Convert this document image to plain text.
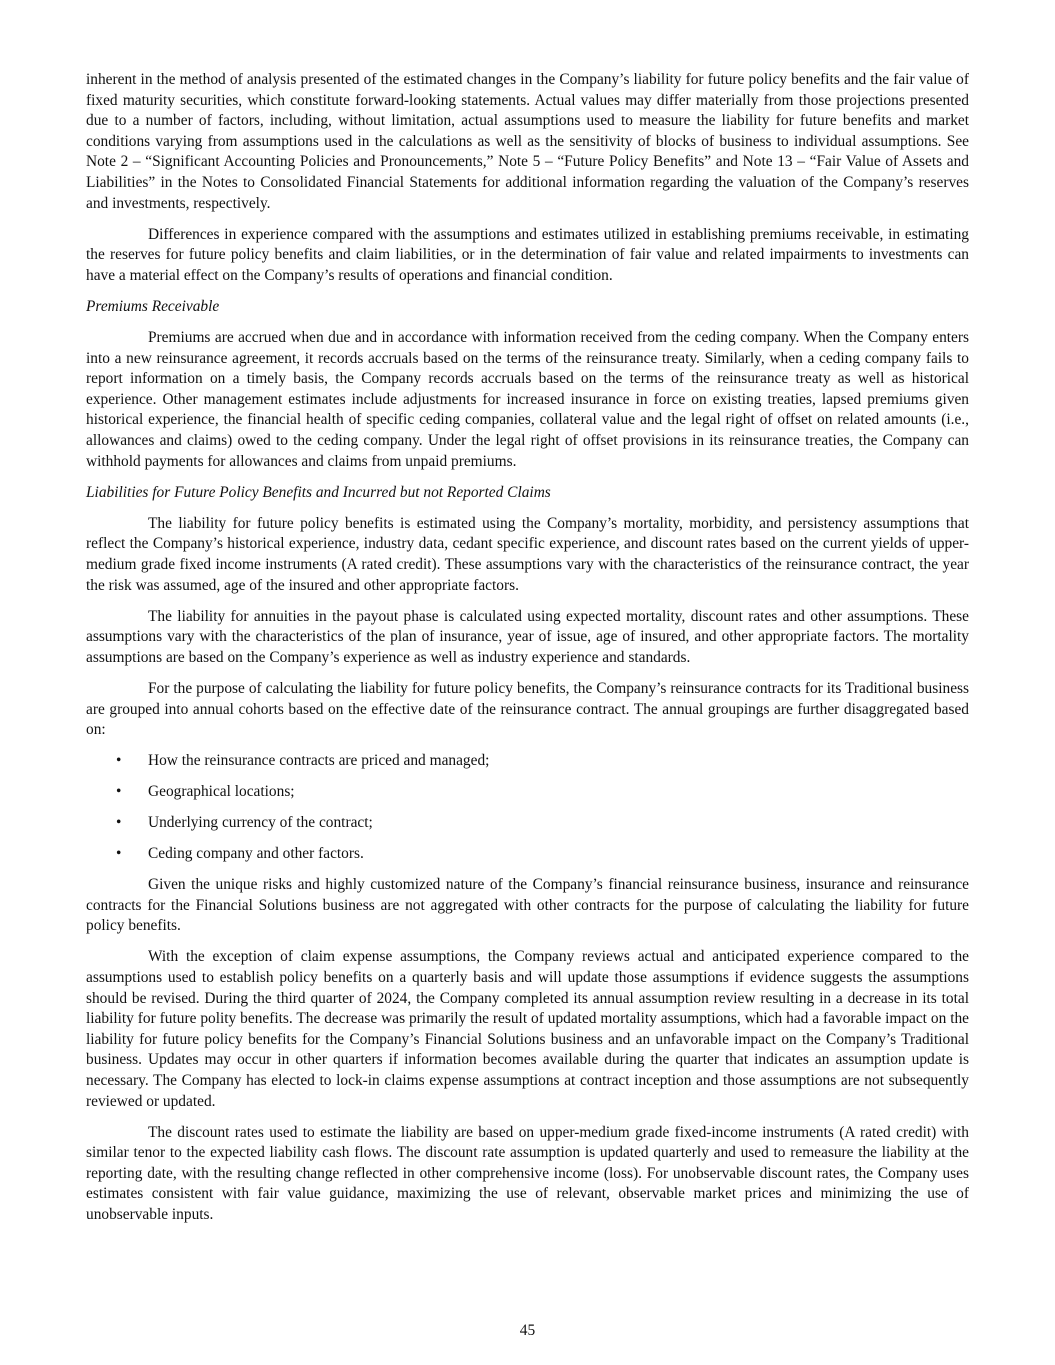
inherent in the method of analysis presented of the estimated changes in the Company’s liability for future policy benefits and the fair value of fixed maturity securities, which constitute forward-looking statements. Actual values may differ materially from those projections presented due to a number of factors, including, without limitation, actual assumptions used to measure the liability for future benefits and market conditions varying from assumptions used in the calculations as well as the sensitivity of blocks of business to individual assumptions. See Note 2 – “Significant Accounting Policies and Pronouncements,” Note 5 – “Future Policy Benefits” and Note 13 – “Fair Value of Assets and Liabilities” in the Notes to Consolidated Financial Statements for additional information regarding the valuation of the Company’s reserves and investments, respectively.

Differences in experience compared with the assumptions and estimates utilized in establishing premiums receivable, in estimating the reserves for future policy benefits and claim liabilities, or in the determination of fair value and related impairments to investments can have a material effect on the Company’s results of operations and financial condition.

Premiums Receivable

Premiums are accrued when due and in accordance with information received from the ceding company. When the Company enters into a new reinsurance agreement, it records accruals based on the terms of the reinsurance treaty. Similarly, when a ceding company fails to report information on a timely basis, the Company records accruals based on the terms of the reinsurance treaty as well as historical experience. Other management estimates include adjustments for increased insurance in force on existing treaties, lapsed premiums given historical experience, the financial health of specific ceding companies, collateral value and the legal right of offset on related amounts (i.e., allowances and claims) owed to the ceding company. Under the legal right of offset provisions in its reinsurance treaties, the Company can withhold payments for allowances and claims from unpaid premiums.

Liabilities for Future Policy Benefits and Incurred but not Reported Claims

The liability for future policy benefits is estimated using the Company’s mortality, morbidity, and persistency assumptions that reflect the Company’s historical experience, industry data, cedant specific experience, and discount rates based on the current yields of upper-medium grade fixed income instruments (A rated credit). These assumptions vary with the characteristics of the reinsurance contract, the year the risk was assumed, age of the insured and other appropriate factors.

The liability for annuities in the payout phase is calculated using expected mortality, discount rates and other assumptions. These assumptions vary with the characteristics of the plan of insurance, year of issue, age of insured, and other appropriate factors. The mortality assumptions are based on the Company’s experience as well as industry experience and standards.

For the purpose of calculating the liability for future policy benefits, the Company’s reinsurance contracts for its Traditional business are grouped into annual cohorts based on the effective date of the reinsurance contract. The annual groupings are further disaggregated based on:

• How the reinsurance contracts are priced and managed;
• Geographical locations;
• Underlying currency of the contract;
• Ceding company and other factors.

Given the unique risks and highly customized nature of the Company’s financial reinsurance business, insurance and reinsurance contracts for the Financial Solutions business are not aggregated with other contracts for the purpose of calculating the liability for future policy benefits.

With the exception of claim expense assumptions, the Company reviews actual and anticipated experience compared to the assumptions used to establish policy benefits on a quarterly basis and will update those assumptions if evidence suggests the assumptions should be revised. During the third quarter of 2024, the Company completed its annual assumption review resulting in a decrease in its total liability for future polity benefits. The decrease was primarily the result of updated mortality assumptions, which had a favorable impact on the liability for future policy benefits for the Company’s Financial Solutions business and an unfavorable impact on the Company’s Traditional business. Updates may occur in other quarters if information becomes available during the quarter that indicates an assumption update is necessary. The Company has elected to lock-in claims expense assumptions at contract inception and those assumptions are not subsequently reviewed or updated.

The discount rates used to estimate the liability are based on upper-medium grade fixed-income instruments (A rated credit) with similar tenor to the expected liability cash flows. The discount rate assumption is updated quarterly and used to remeasure the liability at the reporting date, with the resulting change reflected in other comprehensive income (loss). For unobservable discount rates, the Company uses estimates consistent with fair value guidance, maximizing the use of relevant, observable market prices and minimizing the use of unobservable inputs.

45
